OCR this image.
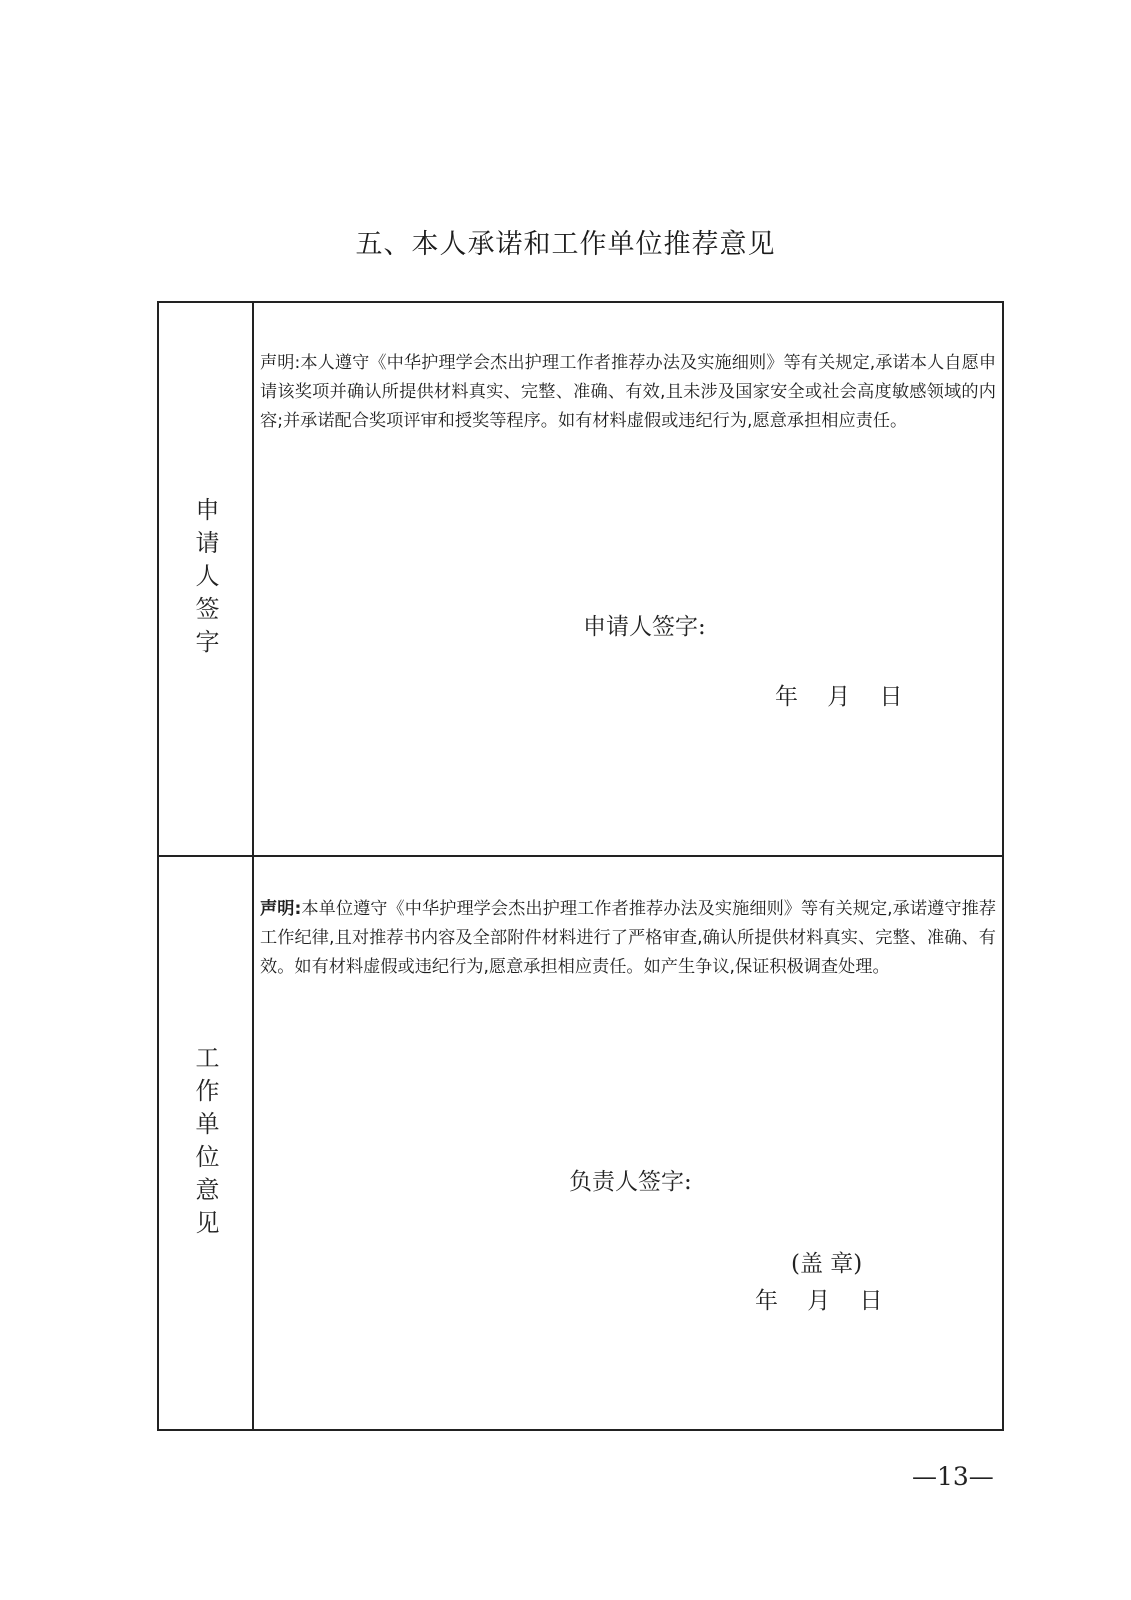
五、本人承诺和工作单位推荐意见
申请人签字
声明:本人遵守《中华护理学会杰出护理工作者推荐办法及实施细则》等有关规定,承诺本人自愿申请该奖项并确认所提供材料真实、完整、准确、有效,且未涉及国家安全或社会高度敏感领域的内容;并承诺配合奖项评审和授奖等程序。如有材料虚假或违纪行为,愿意承担相应责任。
申请人签字:
年    月    日
工作单位意见
声明:本单位遵守《中华护理学会杰出护理工作者推荐办法及实施细则》等有关规定,承诺遵守推荐工作纪律,且对推荐书内容及全部附件材料进行了严格审查,确认所提供材料真实、完整、准确、有效。如有材料虚假或违纪行为,愿意承担相应责任。如产生争议,保证积极调查处理。
负责人签字:
(盖 章)
年    月    日
—13—
